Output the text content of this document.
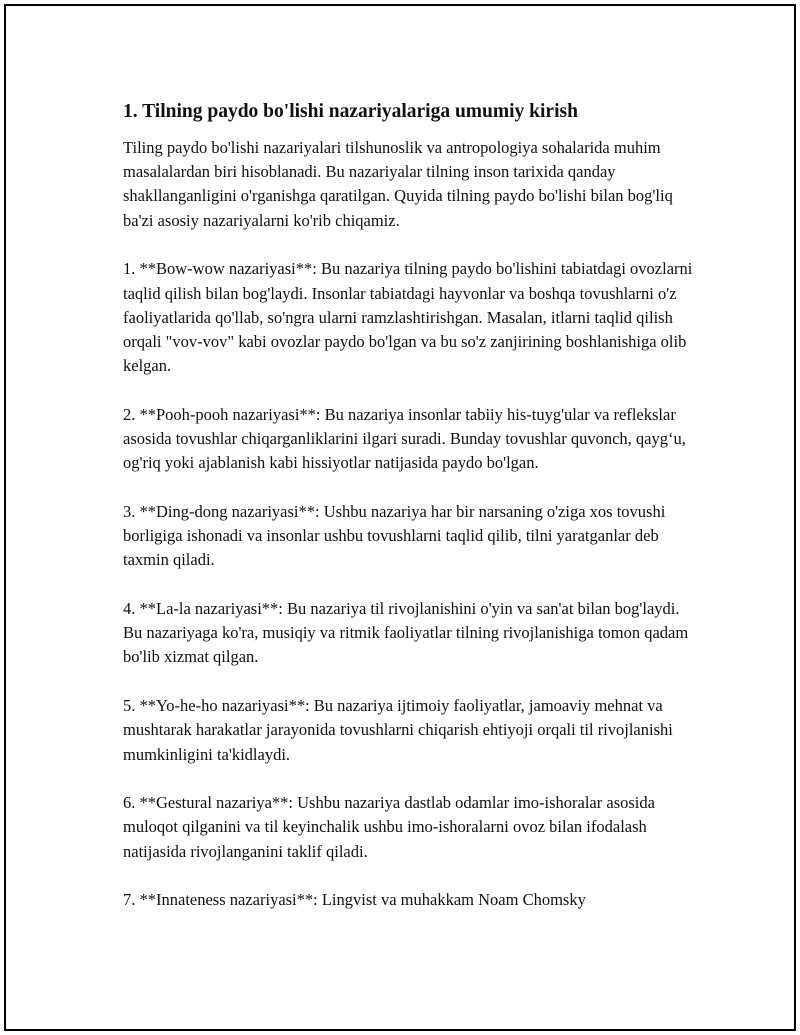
1. Tilning paydo bo'lishi nazariyalariga umumiy kirish

Tiling paydo bo'lishi nazariyalari tilshunoslik va antropologiya sohalarida muhim masalalardan biri hisoblanadi. Bu nazariyalar tilning inson tarixida qanday shakllanganligini o'rganishga qaratilgan. Quyida tilning paydo bo'lishi bilan bog'liq ba'zi asosiy nazariyalarni ko'rib chiqamiz.

1. **Bow-wow nazariyasi**: Bu nazariya tilning paydo bo'lishini tabiatdagi ovozlarni taqlid qilish bilan bog'laydi. Insonlar tabiatdagi hayvonlar va boshqa tovushlarni o'z faoliyatlarida qo'llab, so'ngra ularni ramzlashtirishgan. Masalan, itlarni taqlid qilish orqali "vov-vov" kabi ovozlar paydo bo'lgan va bu so'z zanjirining boshlanishiga olib kelgan.

2. **Pooh-pooh nazariyasi**: Bu nazariya insonlar tabiiy his-tuyg'ular va reflekslar asosida tovushlar chiqarganliklarini ilgari suradi. Bunday tovushlar quvonch, qayg‘u, og'riq yoki ajablanish kabi hissiyotlar natijasida paydo bo'lgan.

3. **Ding-dong nazariyasi**: Ushbu nazariya har bir narsaning o'ziga xos tovushi borligiga ishonadi va insonlar ushbu tovushlarni taqlid qilib, tilni yaratganlar deb taxmin qiladi.

4. **La-la nazariyasi**: Bu nazariya til rivojlanishini o'yin va san'at bilan bog'laydi. Bu nazariyaga ko'ra, musiqiy va ritmik faoliyatlar tilning rivojlanishiga tomon qadam bo'lib xizmat qilgan.

5. **Yo-he-ho nazariyasi**: Bu nazariya ijtimoiy faoliyatlar, jamoaviy mehnat va mushtarak harakatlar jarayonida tovushlarni chiqarish ehtiyoji orqali til rivojlanishi mumkinligini ta'kidlaydi.

6. **Gestural nazariya**: Ushbu nazariya dastlab odamlar imo-ishoralar asosida muloqot qilganini va til keyinchalik ushbu imo-ishoralarni ovoz bilan ifodalash natijasida rivojlanganini taklif qiladi.

7. **Innateness nazariyasi**: Lingvist va muhakkam Noam Chomsky
